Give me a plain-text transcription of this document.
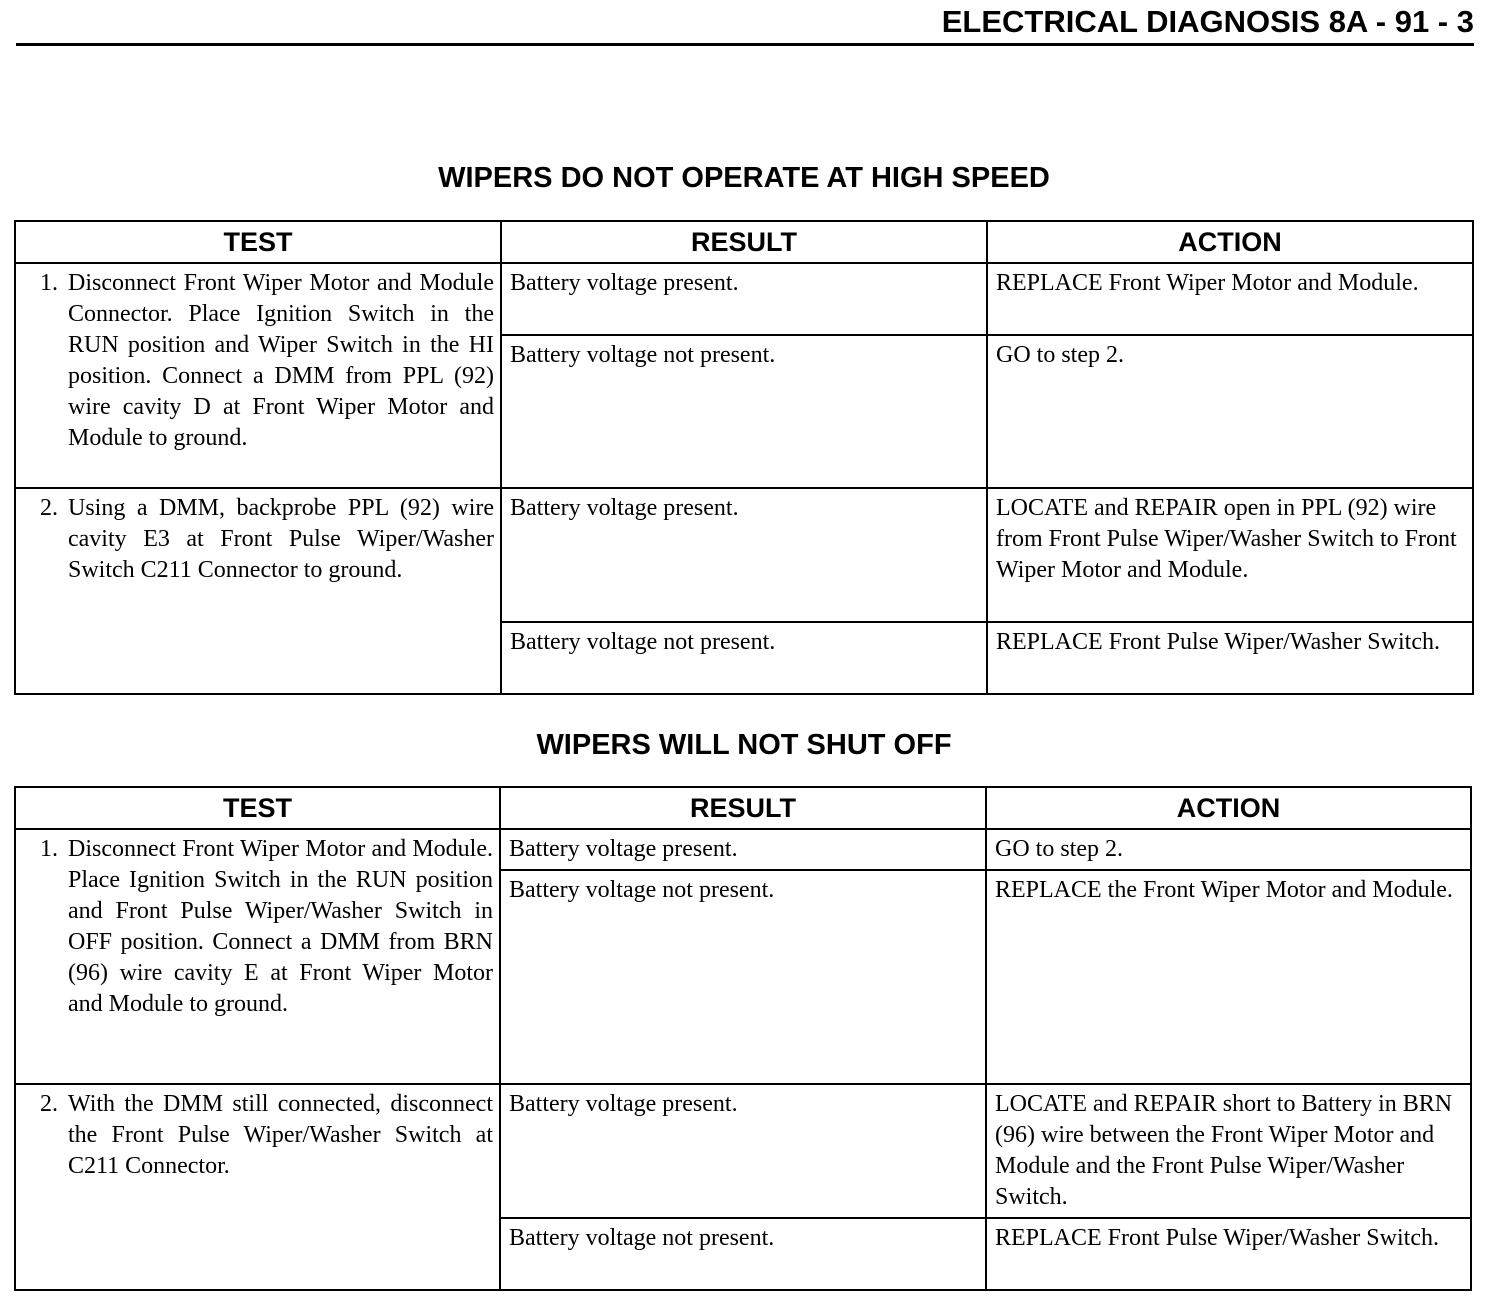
ELECTRICAL DIAGNOSIS 8A - 91 - 3
WIPERS DO NOT OPERATE AT HIGH SPEED
TEST	RESULT	ACTION

1. Disconnect Front Wiper Motor and Module Connector. Place Ignition Switch in the RUN position and Wiper Switch in the HI position. Connect a DMM from PPL (92) wire cavity D at Front Wiper Motor and Module to ground.	Battery voltage present.	REPLACE Front Wiper Motor and Module.
	Battery voltage not present.	GO to step 2.

2. Using a DMM, backprobe PPL (92) wire cavity E3 at Front Pulse Wiper/Washer Switch C211 Connector to ground.	Battery voltage present.	LOCATE and REPAIR open in PPL (92) wire from Front Pulse Wiper/Washer Switch to Front Wiper Motor and Module.
	Battery voltage not present.	REPLACE Front Pulse Wiper/Washer Switch.
WIPERS WILL NOT SHUT OFF
TEST	RESULT	ACTION

1. Disconnect Front Wiper Motor and Module. Place Ignition Switch in the RUN position and Front Pulse Wiper/Washer Switch in OFF position. Connect a DMM from BRN (96) wire cavity E at Front Wiper Motor and Module to ground.	Battery voltage present.	GO to step 2.
	Battery voltage not present.	REPLACE the Front Wiper Motor and Module.

2. With the DMM still connected, disconnect the Front Pulse Wiper/Washer Switch at C211 Connector.	Battery voltage present.	LOCATE and REPAIR short to Battery in BRN (96) wire between the Front Wiper Motor and Module and the Front Pulse Wiper/Washer Switch.
	Battery voltage not present.	REPLACE Front Pulse Wiper/Washer Switch.
